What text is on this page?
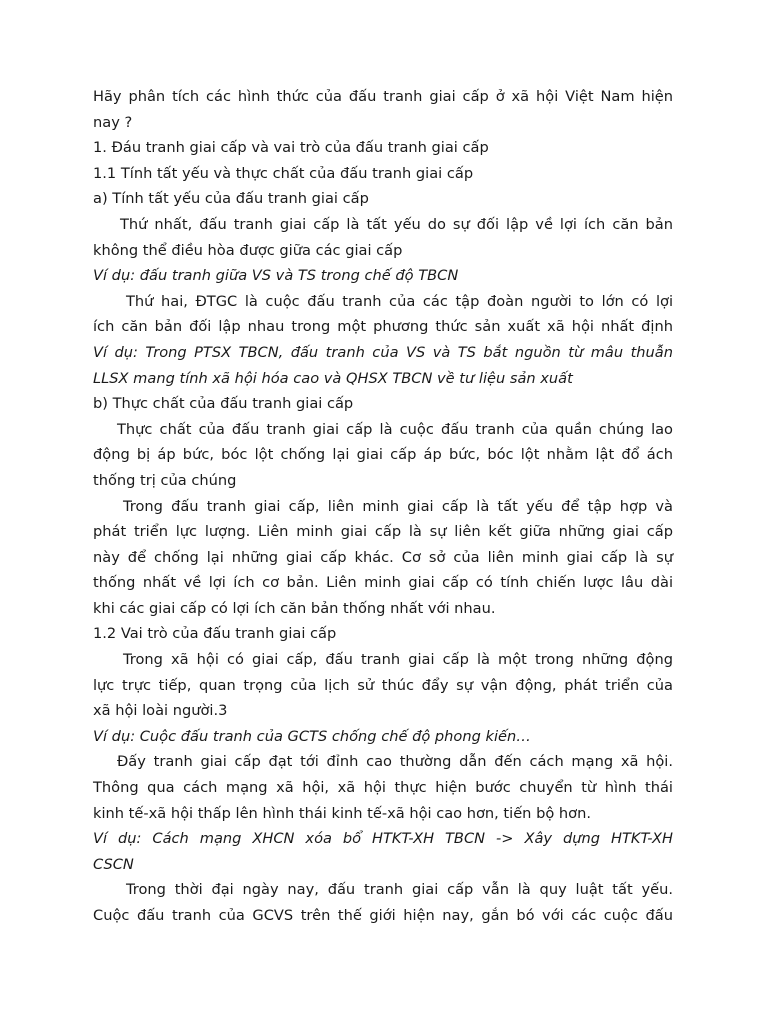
Hãy phân tích các hình thức của đấu tranh giai cấp ở xã hội Việt Nam hiện
nay ?
1. Đáu tranh giai cấp và vai trò của đấu tranh giai cấp
1.1 Tính tất yếu và thực chất của đấu tranh giai cấp
a) Tính tất yếu của đấu tranh giai cấp
Thứ nhất, đấu tranh giai cấp là tất yếu do sự đối lập về lợi ích căn bản
không thể điều hòa được giữa các giai cấp
Ví dụ: đấu tranh giữa VS và TS trong chế độ TBCN
Thứ hai, ĐTGC là cuộc đấu tranh của các tập đoàn người to lớn có lợi
ích căn bản đối lập nhau trong một phương thức sản xuất xã hội nhất định
Ví dụ: Trong PTSX TBCN, đấu tranh của VS và TS bắt nguồn từ mâu thuẫn
LLSX mang tính xã hội hóa cao và QHSX TBCN về tư liệu sản xuất
b) Thực chất của đấu tranh giai cấp
Thực chất của đấu tranh giai cấp là cuộc đấu tranh của quần chúng lao
động bị áp bức, bóc lột chống lại giai cấp áp bức, bóc lột nhằm lật đổ ách
thống trị của chúng
Trong đấu tranh giai cấp, liên minh giai cấp là tất yếu để tập hợp và
phát triển lực lượng. Liên minh giai cấp là sự liên kết giữa những giai cấp
này để chống lại những giai cấp khác. Cơ sở của liên minh giai cấp là sự
thống nhất về lợi ích cơ bản. Liên minh giai cấp có tính chiến lược lâu dài
khi các giai cấp có lợi ích căn bản thống nhất với nhau.
1.2 Vai trò của đấu tranh giai cấp
Trong xã hội có giai cấp, đấu tranh giai cấp là một trong những động
lực trực tiếp, quan trọng của lịch sử thúc đẩy sự vận động, phát triển của
xã hội loài người.3
Ví dụ: Cuộc đấu tranh của GCTS chống chế độ phong kiến…
Đấy tranh giai cấp đạt tới đỉnh cao thường dẫn đến cách mạng xã hội.
Thông qua cách mạng xã hội, xã hội thực hiện bước chuyển từ hình thái
kinh tế-xã hội thấp lên hình thái kinh tế-xã hội cao hơn, tiến bộ hơn.
Ví dụ: Cách mạng XHCN xóa bổ HTKT-XH TBCN -> Xây dựng HTKT-XH
CSCN
Trong thời đại ngày nay, đấu tranh giai cấp vẫn là quy luật tất yếu.
Cuộc đấu tranh của GCVS trên thế giới hiện nay, gắn bó với các cuộc đấu
